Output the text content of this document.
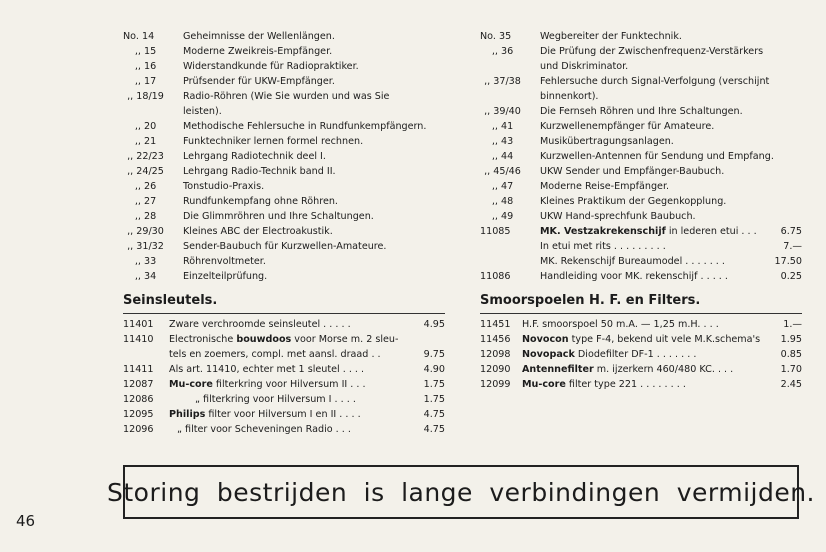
No. 14	Geheimnisse der Wellenlängen.
,, 15	Moderne Zweikreis-Empfänger.
,, 16	Widerstandkunde für Radiopraktiker.
,, 17	Prüfsender für UKW-Empfänger.
,, 18/19	Radio-Röhren (Wie Sie wurden und was Sie
leisten).
,, 20	Methodische Fehlersuche in Rundfunkempfängern.
,, 21	Funktechniker lernen formel rechnen.
,, 22/23	Lehrgang Radiotechnik deel I.
,, 24/25	Lehrgang Radio-Technik band II.
,, 26	Tonstudio-Praxis.
,, 27	Rundfunkempfang ohne Röhren.
,, 28	Die Glimmröhren und Ihre Schaltungen.
,, 29/30	Kleines ABC der Electroakustik.
,, 31/32	Sender-Baubuch für Kurzwellen-Amateure.
,, 33	Röhrenvoltmeter.
,, 34	Einzelteilprüfung.
No. 35	Wegbereiter der Funktechnik.
,, 36	Die Prüfung der Zwischenfrequenz-Verstärkers
und Diskriminator.
,, 37/38	Fehlersuche durch Signal-Verfolgung (verschijnt
binnenkort).
,, 39/40	Die Fernseh Röhren und Ihre Schaltungen.
,, 41	Kurzwellenempfänger für Amateure.
,, 43	Musikübertragungsanlagen.
,, 44	Kurzwellen-Antennen für Sendung und Empfang.
,, 45/46	UKW Sender und Empfänger-Baubuch.
,, 47	Moderne Reise-Empfänger.
,, 48	Kleines Praktikum der Gegenkopplung.
,, 49	UKW Hand-sprechfunk Baubuch.
11085	MK. Vestzakrekenschijf in lederen etui . . . 6.75
In etui met rits . . . . . . . . .	7.—
MK. Rekenschijf Bureaumodel . . . . . . .	17.50
11086	Handleiding voor MK. rekenschijf . . . . .	0.25
Seinsleutels.	Smoorspoelen H. F. en Filters.
11401 Zware verchroomde seinsleutel . . . . .	4.95
11410 Electronische bouwdoos voor Morse m. 2 sleu-
tels en zoemers, compl. met aansl. draad . .	9.75
11411 Als art. 11410, echter met 1 sleutel . . . .	4.90
12087 Mu-core filterkring voor Hilversum II . . .	1.75
12086	„ filterkring voor Hilversum I . . . .	1.75
12095 Philips filter voor Hilversum I en II . . . .	4.75
12096	„ filter voor Scheveningen Radio . . .	4.75
11451 H.F. smoorspoel 50 m.A. — 1,25 m.H. . . .	1.—
11456 Novocon type F-4, bekend uit vele M.K.schema's 1.95
12098 Novopack Diodefilter DF-1 . . . . . . .	0.85
12090 Antennefilter m. ijzerkern 460/480 KC. . . .	1.70
12099 Mu-core filter type 221 . . . . . . . .	2.45
Storing bestrijden is lange verbindingen vermijden.
46
